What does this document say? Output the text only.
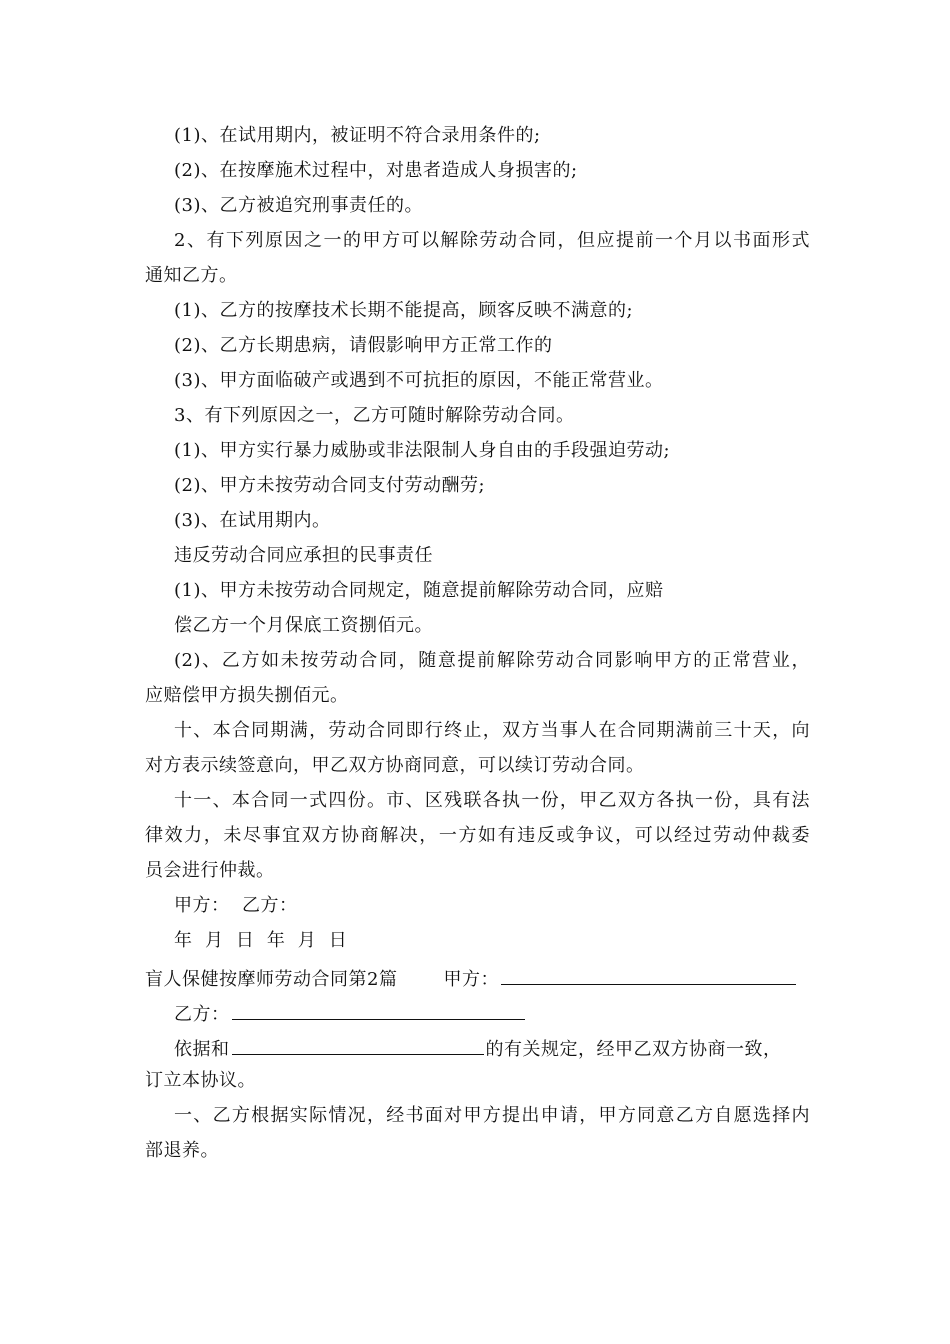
(1)、在试用期内，被证明不符合录用条件的;
(2)、在按摩施术过程中，对患者造成人身损害的;
(3)、乙方被追究刑事责任的。
2、有下列原因之一的甲方可以解除劳动合同，但应提前一个月以书面形式
通知乙方。
(1)、乙方的按摩技术长期不能提高，顾客反映不满意的;
(2)、乙方长期患病，请假影响甲方正常工作的
(3)、甲方面临破产或遇到不可抗拒的原因，不能正常营业。
3、有下列原因之一，乙方可随时解除劳动合同。
(1)、甲方实行暴力威胁或非法限制人身自由的手段强迫劳动;
(2)、甲方未按劳动合同支付劳动酬劳;
(3)、在试用期内。
违反劳动合同应承担的民事责任
(1)、甲方未按劳动合同规定，随意提前解除劳动合同，应赔
偿乙方一个月保底工资捌佰元。
(2)、乙方如未按劳动合同，随意提前解除劳动合同影响甲方的正常营业，
应赔偿甲方损失捌佰元。
十、本合同期满，劳动合同即行终止，双方当事人在合同期满前三十天，向
对方表示续签意向，甲乙双方协商同意，可以续订劳动合同。
十一、本合同一式四份。市、区残联各执一份，甲乙双方各执一份，具有法
律效力，未尽事宜双方协商解决，一方如有违反或争议，可以经过劳动仲裁委
员会进行仲裁。
甲方：  乙方：
年  月  日  年  月  日
盲人保健按摩师劳动合同第2篇	甲方：
乙方：
依据和	的有关规定，经甲乙双方协商一致，
订立本协议。
一、乙方根据实际情况，经书面对甲方提出申请，甲方同意乙方自愿选择内
部退养。
